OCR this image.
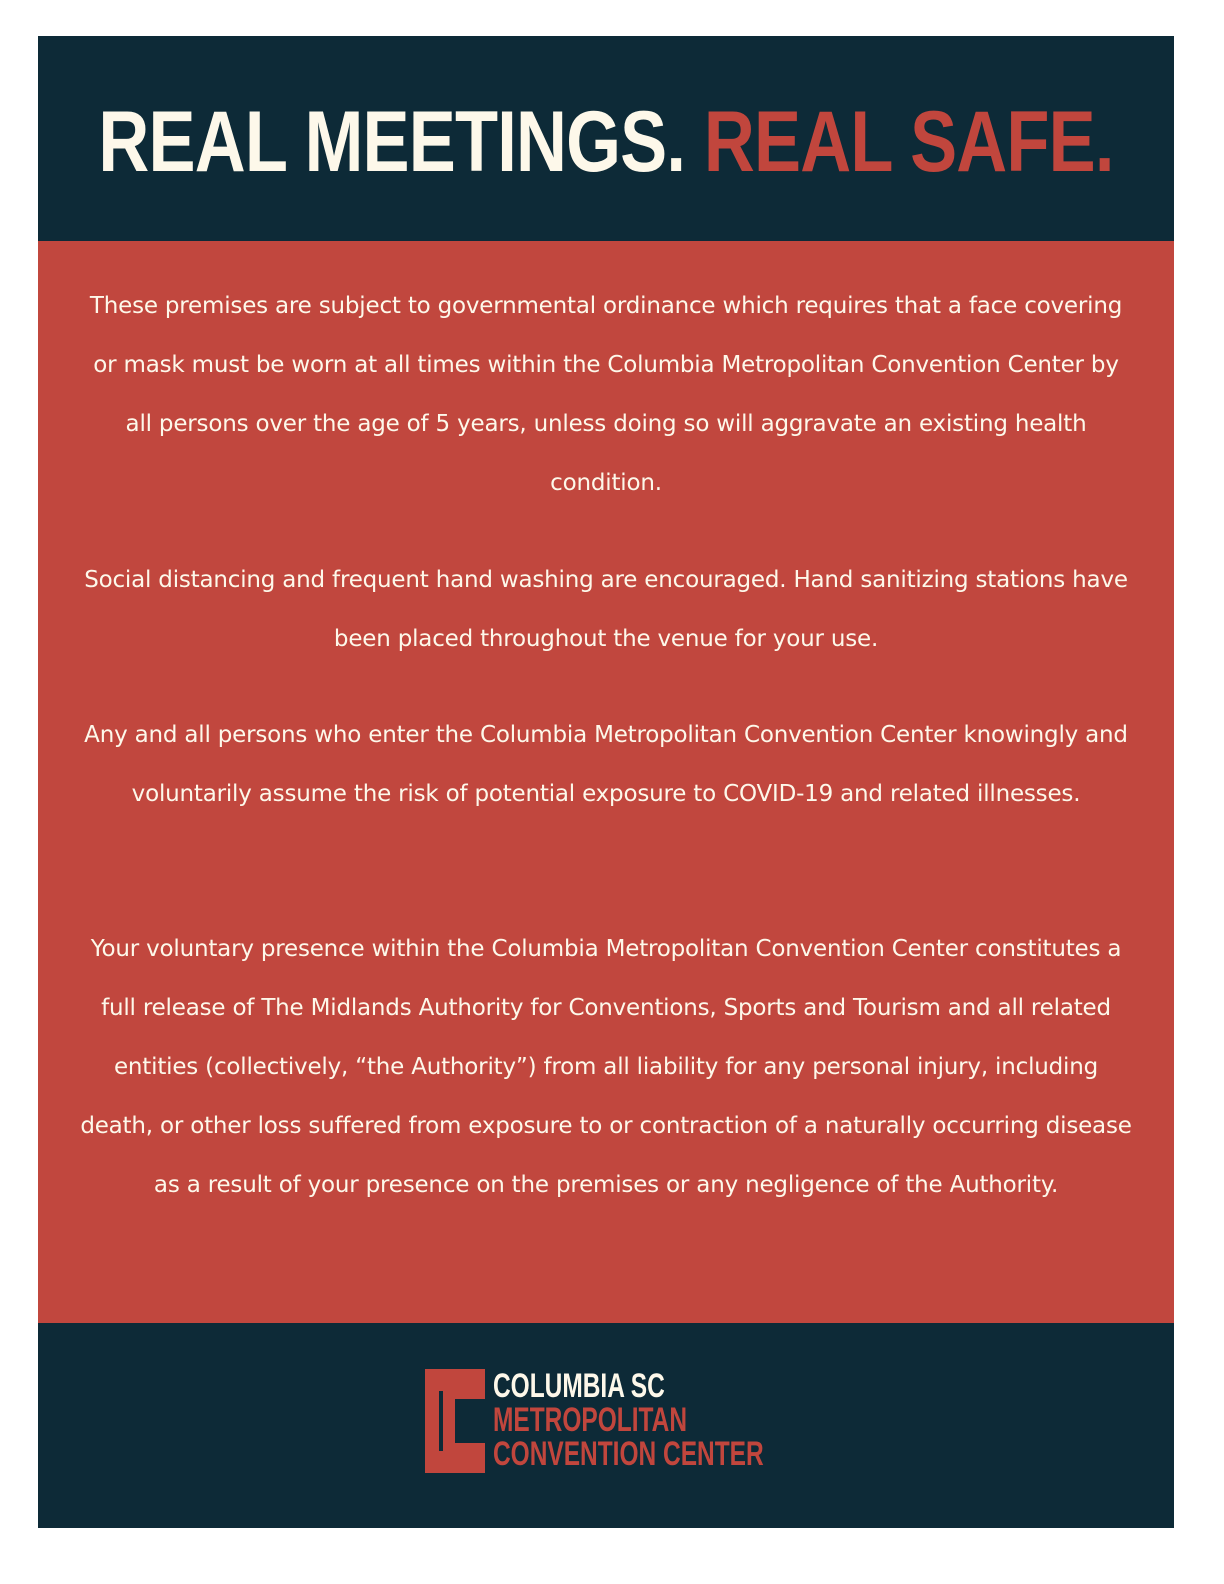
REAL MEETINGS. REAL SAFE.

These premises are subject to governmental ordinance which requires that a face covering or mask must be worn at all times within the Columbia Metropolitan Convention Center by all persons over the age of 5 years, unless doing so will aggravate an existing health condition.

Social distancing and frequent hand washing are encouraged. Hand sanitizing stations have been placed throughout the venue for your use.

Any and all persons who enter the Columbia Metropolitan Convention Center knowingly and voluntarily assume the risk of potential exposure to COVID-19 and related illnesses.

Your voluntary presence within the Columbia Metropolitan Convention Center constitutes a full release of The Midlands Authority for Conventions, Sports and Tourism and all related entities (collectively, “the Authority”) from all liability for any personal injury, including death, or other loss suffered from exposure to or contraction of a naturally occurring disease as a result of your presence on the premises or any negligence of the Authority.

COLUMBIA SC
METROPOLITAN
CONVENTION CENTER
